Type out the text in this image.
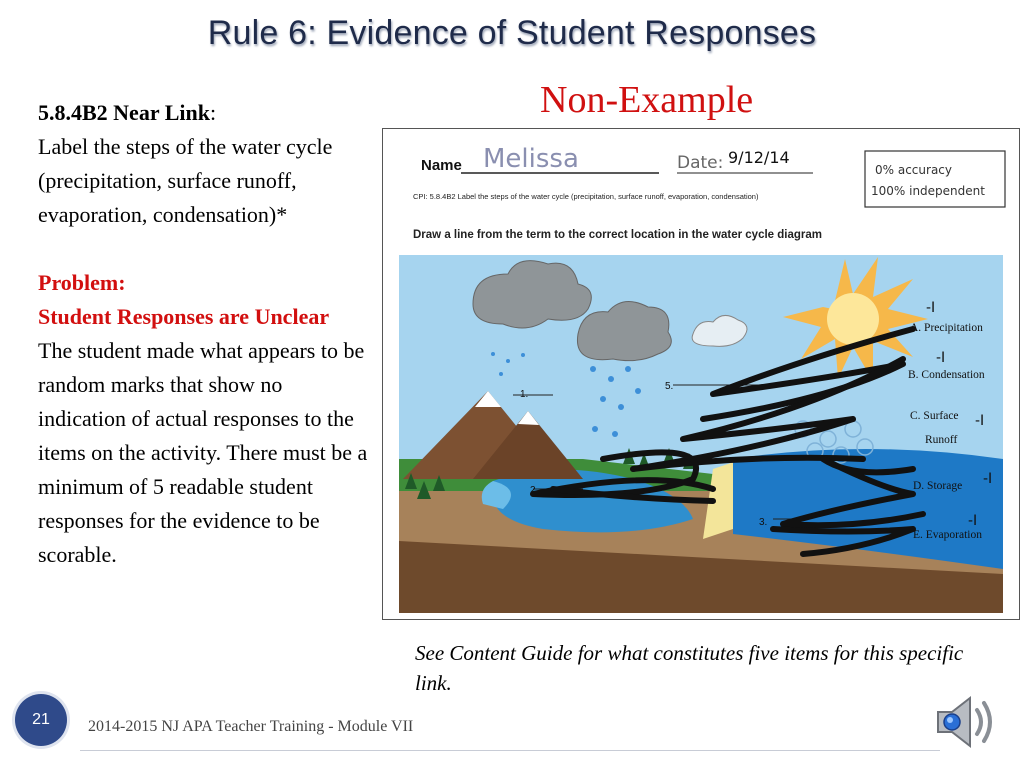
Rule 6: Evidence of Student Responses

5.8.4B2 Near Link:

Label the steps of the water cycle (precipitation, surface runoff, evaporation, condensation)*

Problem:

Student Responses are Unclear

The student made what appears to be random marks that show no indication of actual responses to the items on the activity. There must be a minimum of 5 readable student responses for the evidence to be scorable.

Non-Example
Name Melissa	Date: 9/12/14
0% accuracy
100% independent
CPI: 5.8.4B2 Label the steps of the water cycle (precipitation, surface runoff, evaporation, condensation)
Draw a line from the term to the correct location in the water cycle diagram
1.
2.
3.
5.
-I
A. Precipitation
-I
B. Condensation
C. Surface
Runoff
-I
-I
D. Storage
-I
E. Evaporation
See Content Guide for what constitutes five items for this specific link.
21 2014-2015 NJ APA Teacher Training - Module VII
